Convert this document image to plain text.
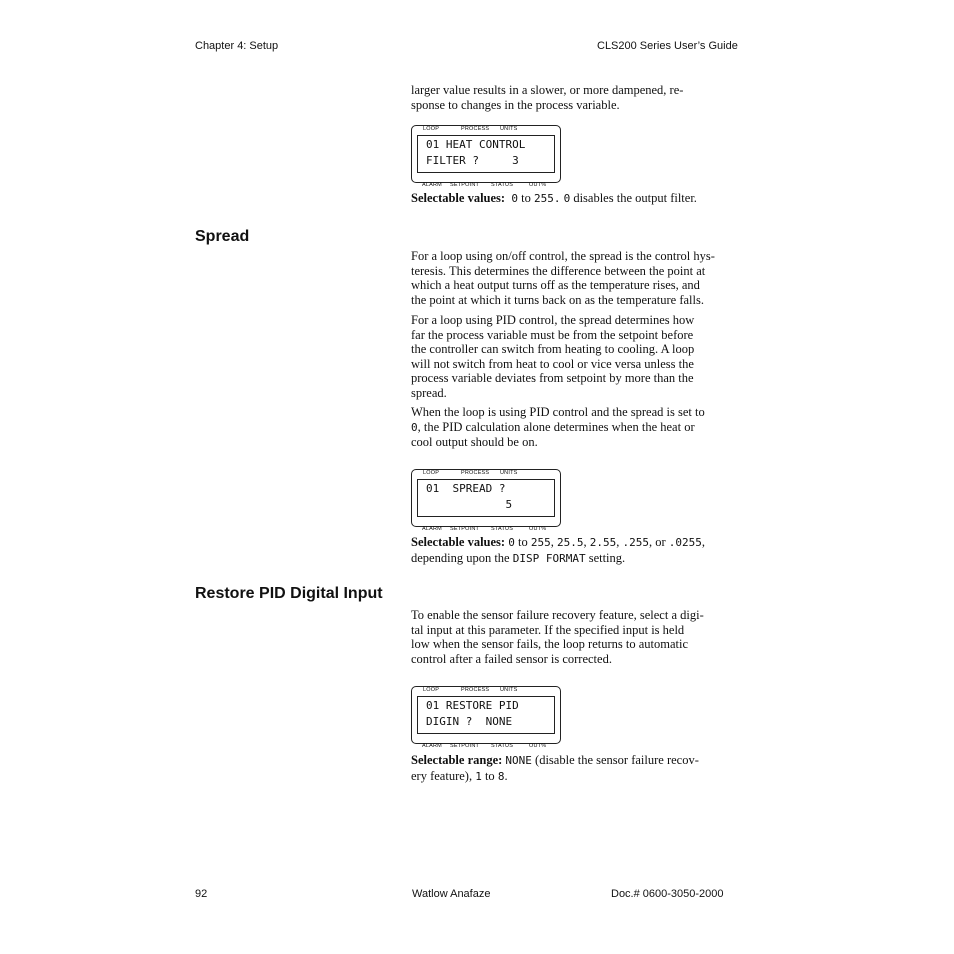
Chapter 4: Setup	CLS200 Series User’s Guide
larger value results in a slower, or more dampened, re-
sponse to changes in the process variable.
LOOP	PROCESS UNITS
01 HEAT CONTROL
FILTER ?     3
ALARM SETPOINT STATUS	OUT%
Selectable values: 0 to 255. 0 disables the output filter.
Spread
For a loop using on/off control, the spread is the control hys-
teresis. This determines the difference between the point at
which a heat output turns off as the temperature rises, and
the point at which it turns back on as the temperature falls.
For a loop using PID control, the spread determines how
far the process variable must be from the setpoint before
the controller can switch from heating to cooling. A loop
will not switch from heat to cool or vice versa unless the
process variable deviates from setpoint by more than the
spread.
When the loop is using PID control and the spread is set to
0, the PID calculation alone determines when the heat or
cool output should be on.
LOOP	PROCESS UNITS
01  SPREAD ?
5
ALARM SETPOINT STATUS	OUT%
Selectable values: 0 to 255, 25.5, 2.55, .255, or .0255,
depending upon the DISP FORMAT setting.
Restore PID Digital Input
To enable the sensor failure recovery feature, select a digi-
tal input at this parameter. If the specified input is held
low when the sensor fails, the loop returns to automatic
control after a failed sensor is corrected.
LOOP	PROCESS UNITS
01 RESTORE PID
DIGIN ?  NONE
ALARM SETPOINT STATUS	OUT%
Selectable range: NONE (disable the sensor failure recov-
ery feature), 1 to 8.
92	Watlow Anafaze	Doc.# 0600-3050-2000
